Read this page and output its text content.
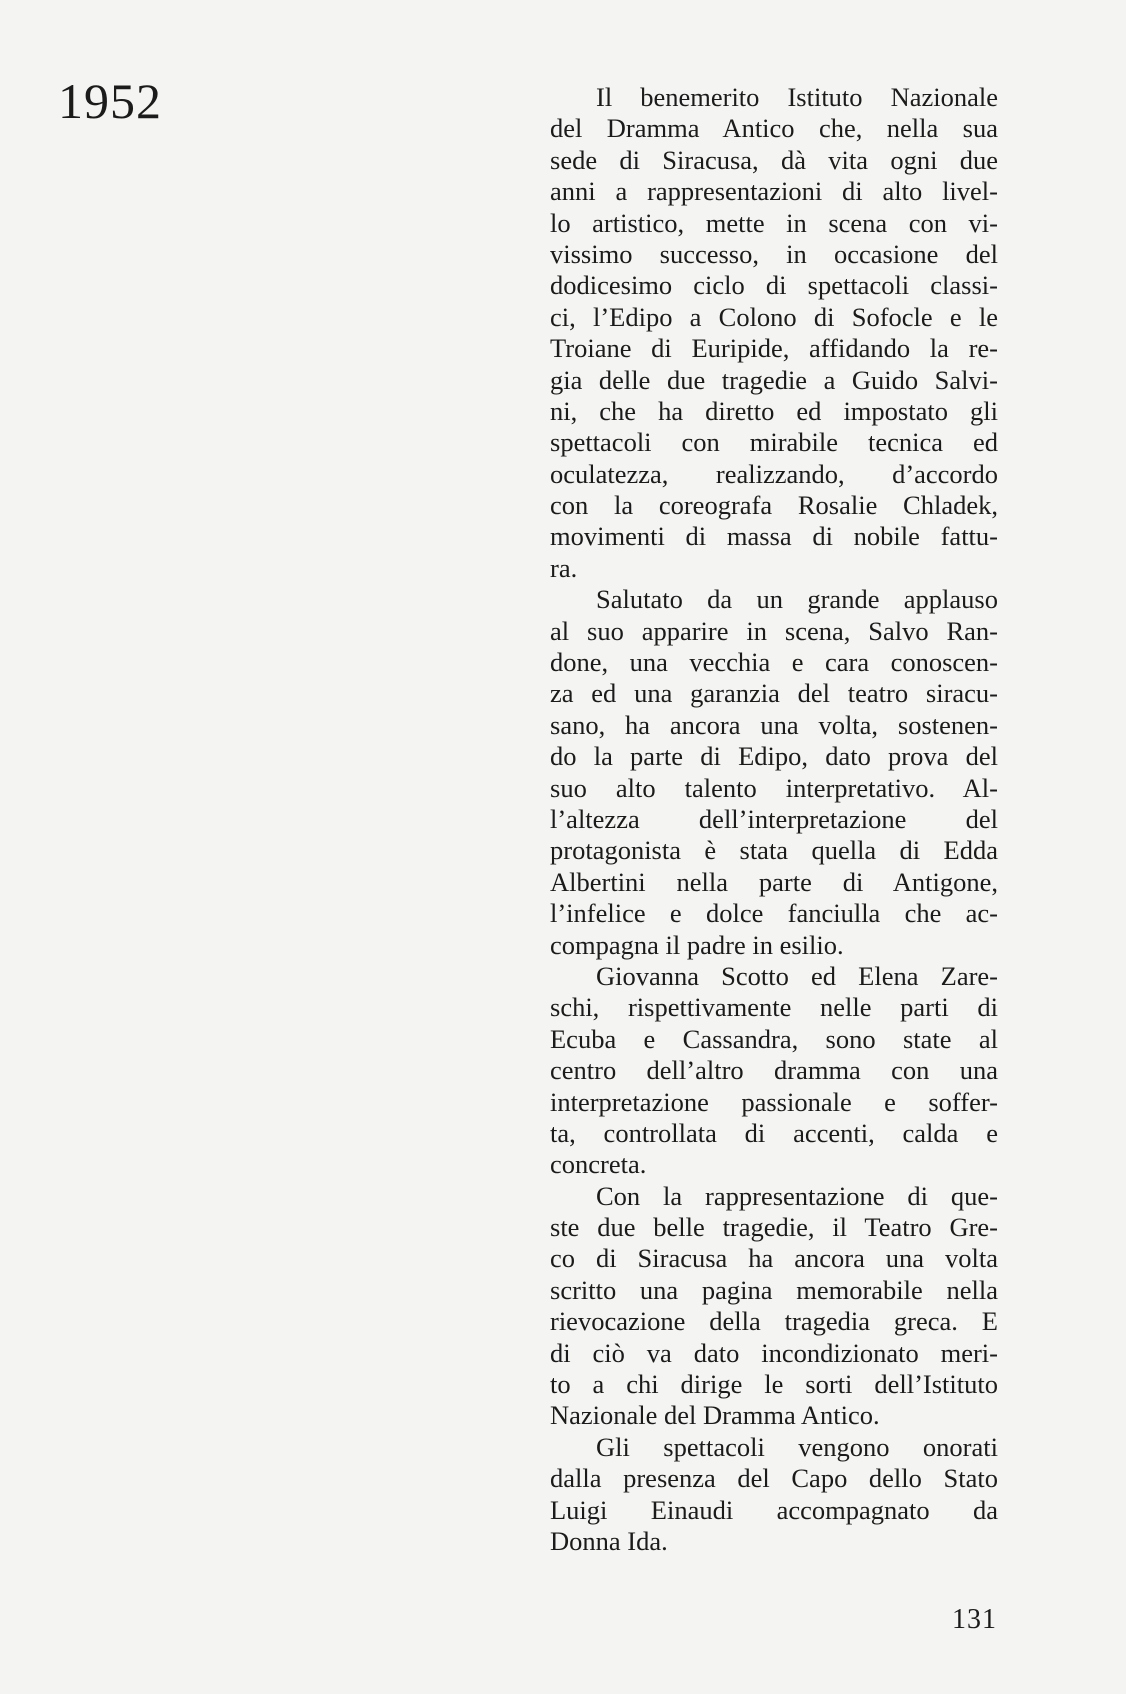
1952	Il benemerito Istituto Nazionale
del Dramma Antico che, nella sua
sede di Siracusa, dà vita ogni due
anni a rappresentazioni di alto livel-
lo artistico, mette in scena con vi-
vissimo successo, in occasione del
dodicesimo ciclo di spettacoli classi-
ci, l’Edipo a Colono di Sofocle e le
Troiane di Euripide, affidando la re-
gia delle due tragedie a Guido Salvi-
ni, che ha diretto ed impostato gli
spettacoli con mirabile tecnica ed
oculatezza, realizzando, d’accordo
con la coreografa Rosalie Chladek,
movimenti di massa di nobile fattu-
ra.
Salutato da un grande applauso
al suo apparire in scena, Salvo Ran-
done, una vecchia e cara conoscen-
za ed una garanzia del teatro siracu-
sano, ha ancora una volta, sostenen-
do la parte di Edipo, dato prova del
suo alto talento interpretativo. Al-
l’altezza dell’interpretazione del
protagonista è stata quella di Edda
Albertini nella parte di Antigone,
l’infelice e dolce fanciulla che ac-
compagna il padre in esilio.
Giovanna Scotto ed Elena Zare-
schi, rispettivamente nelle parti di
Ecuba e Cassandra, sono state al
centro dell’altro dramma con una
interpretazione passionale e soffer-
ta, controllata di accenti, calda e
concreta.
Con la rappresentazione di que-
ste due belle tragedie, il Teatro Gre-
co di Siracusa ha ancora una volta
scritto una pagina memorabile nella
rievocazione della tragedia greca. E
di ciò va dato incondizionato meri-
to a chi dirige le sorti dell’Istituto
Nazionale del Dramma Antico.
Gli spettacoli vengono onorati
dalla presenza del Capo dello Stato
Luigi Einaudi accompagnato da
Donna Ida.
131
